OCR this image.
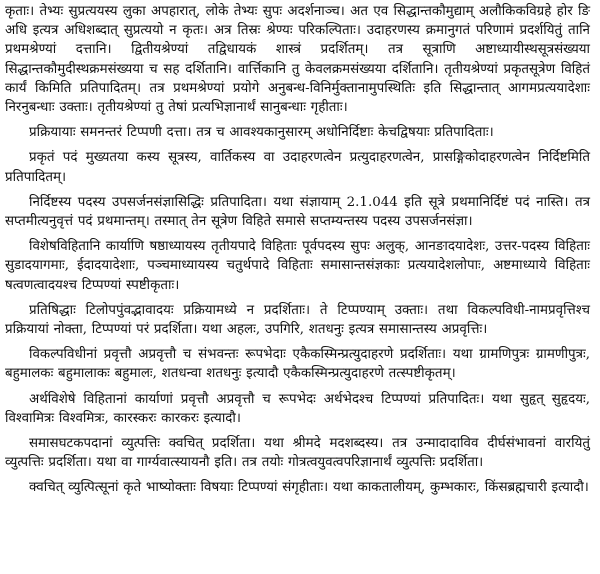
कृताः। तेभ्यः सुप्रत्ययस्य लुका अपहारात्, लोके तेभ्यः सुपः अदर्शनाञ्च। अत एव सिद्धान्तकौमुद्याम् अलौकिकविग्रहे होर ङि अधि इत्यत्र अधिशब्दात् सुप्रत्ययो न कृतः। अत्र तिस्रः श्रेण्यः परिकल्पिताः। उदाहरणस्य क्रमानुगतं परिणामं प्रदर्शयितुं तानि प्रथमश्रेण्यां दत्तानि। द्वितीयश्रेण्यां तद्विधायकं शास्त्रं प्रदर्शितम्। तत्र सूत्राणि अष्टाध्यायीस्थसूत्रसंख्यया सिद्धान्तकौमुदीस्थक्रमसंख्यया च सह दर्शितानि। वार्त्तिकानि तु केवलक्रमसंख्यया दर्शितानि। तृतीयश्रेण्यां प्रकृतसूत्रेण विहितं कार्यं किमिति प्रतिपादितम्। तत्र प्रथमश्रेण्यां प्रयोगे अनुबन्ध-विनिर्मुक्तानामुपस्थितिः इति सिद्धान्तात् आगमप्रत्ययादेशाः निरनुबन्धाः उक्ताः। तृतीयश्रेण्यां तु तेषां प्रत्यभिज्ञानार्थं सानुबन्धाः गृहीताः।

प्रक्रियायाः समनन्तरं टिप्पणी दत्ता। तत्र च आवश्यकानुसारम् अधोनिर्दिष्टाः केचद्विषयाः प्रतिपादिताः।

प्रकृतं पदं मुख्यतया कस्य सूत्रस्य, वार्तिकस्य वा उदाहरणत्वेन प्रत्युदाहरणत्वेन, प्रासङ्गिकोदाहरणत्वेन निर्दिष्टमिति प्रतिपादितम्।

निर्दिष्टस्य पदस्य उपसर्जनसंज्ञासिद्धिः प्रतिपादिता। यथा संज्ञायाम् 2.1.044 इति सूत्रे प्रथमानिर्दिष्टं पदं नास्ति। तत्र सप्तमीत्यनुवृत्तं पदं प्रथमान्तम्। तस्मात् तेन सूत्रेण विहिते समासे सप्तम्यन्तस्य पदस्य उपसर्जनसंज्ञा।

विशेषविहितानि कार्याणि षष्ठाध्यायस्य तृतीयपादे विहिताः पूर्वपदस्य सुपः अलुक्, आनङादयादेशः, उत्तर-पदस्य विहिताः सुडादयागमाः, ईदादयादेशाः, पञ्चमाध्यायस्य चतुर्थपादे विहिताः समासान्तसंज्ञकाः प्रत्ययादेशलोपाः, अष्टमाध्याये विहिताः षत्वणत्वादयश्च टिप्पण्यां स्पष्टीकृताः।

प्रतिषिद्धाः टिलोपपुंवद्भावादयः प्रक्रियामध्ये न प्रदर्शिताः। ते टिप्पण्याम् उक्ताः। तथा विकल्पविधी-नामप्रवृत्तिश्च प्रक्रियायां नोक्ता, टिप्पण्यां परं प्रदर्शिता। यथा अहलः, उपगिरि, शतधनुः इत्यत्र समासान्तस्य अप्रवृत्तिः।

विकल्पविधीनां प्रवृत्तौ अप्रवृत्तौ च संभवन्तः रूपभेदाः एकैकस्मिन्प्रत्युदाहरणे प्रदर्शिताः। यथा ग्रामणिपुत्रः ग्रामणीपुत्रः, बहुमालकः बहुमालाकः बहुमालः, शतधन्वा शतधनुः इत्यादौ एकैकस्मिन्प्रत्युदाहरणे तत्स्पष्टीकृतम्।

अर्थविशेषे विहितानां कार्याणां प्रवृत्तौ अप्रवृत्तौ च रूपभेदः अर्थभेदश्च टिप्पण्यां प्रतिपादितः। यथा सुहृत् सुहृदयः, विश्वामित्रः विश्वमित्रः, कारस्करः कारकरः इत्यादौ।

समासघटकपदानां व्युत्पत्तिः क्वचित् प्रदर्शिता। यथा श्रीमदे मदशब्दस्य। तत्र उन्मादादाविव दीर्घसंभावनां वारयितुं व्युत्पत्तिः प्रदर्शिता। यथा वा गार्ग्यवात्स्यायनौ इति। तत्र तयोः गोत्रत्वयुवत्वपरिज्ञानार्थं व्युत्पत्तिः प्रदर्शिता।

क्वचित् व्युत्पित्सूनां कृते भाष्योक्ताः विषयाः टिप्पण्यां संगृहीताः। यथा काकतालीयम्, कुम्भकारः, किंसब्रह्मचारी इत्यादौ।
